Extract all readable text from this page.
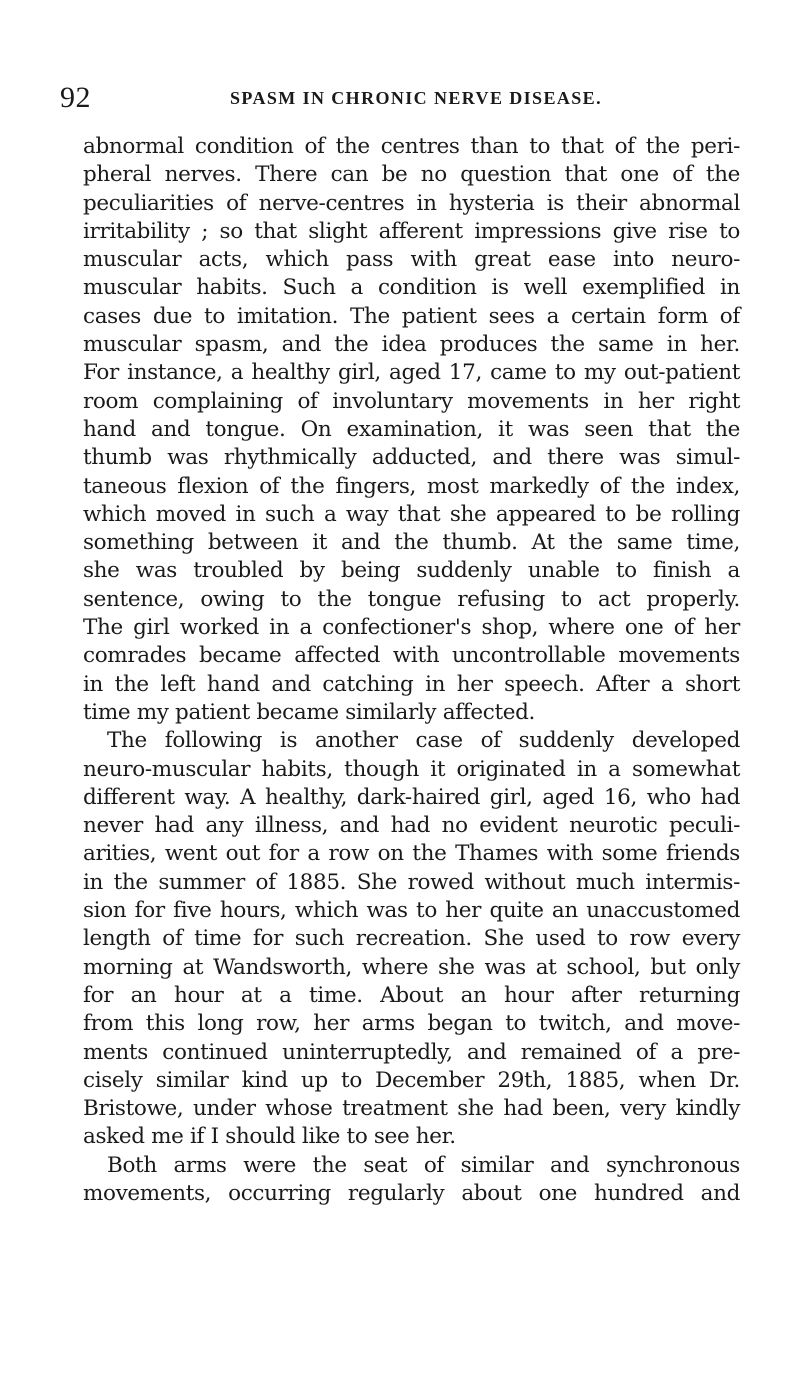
92	SPASM IN CHRONIC NERVE DISEASE.
abnormal condition of the centres than to that of the peri-
pheral nerves. There can be no question that one of the
peculiarities of nerve-centres in hysteria is their abnormal
irritability ; so that slight afferent impressions give rise to
muscular acts, which pass with great ease into neuro-
muscular habits. Such a condition is well exemplified in
cases due to imitation. The patient sees a certain form of
muscular spasm, and the idea produces the same in her.
For instance, a healthy girl, aged 17, came to my out-patient
room complaining of involuntary movements in her right
hand and tongue. On examination, it was seen that the
thumb was rhythmically adducted, and there was simul-
taneous flexion of the fingers, most markedly of the index,
which moved in such a way that she appeared to be rolling
something between it and the thumb. At the same time,
she was troubled by being suddenly unable to finish a
sentence, owing to the tongue refusing to act properly.
The girl worked in a confectioner's shop, where one of her
comrades became affected with uncontrollable movements
in the left hand and catching in her speech. After a short
time my patient became similarly affected.
The following is another case of suddenly developed
neuro-muscular habits, though it originated in a somewhat
different way. A healthy, dark-haired girl, aged 16, who had
never had any illness, and had no evident neurotic peculi-
arities, went out for a row on the Thames with some friends
in the summer of 1885. She rowed without much intermis-
sion for five hours, which was to her quite an unaccustomed
length of time for such recreation. She used to row every
morning at Wandsworth, where she was at school, but only
for an hour at a time. About an hour after returning
from this long row, her arms began to twitch, and move-
ments continued uninterruptedly, and remained of a pre-
cisely similar kind up to December 29th, 1885, when Dr.
Bristowe, under whose treatment she had been, very kindly
asked me if I should like to see her.
Both arms were the seat of similar and synchronous
movements, occurring regularly about one hundred and
